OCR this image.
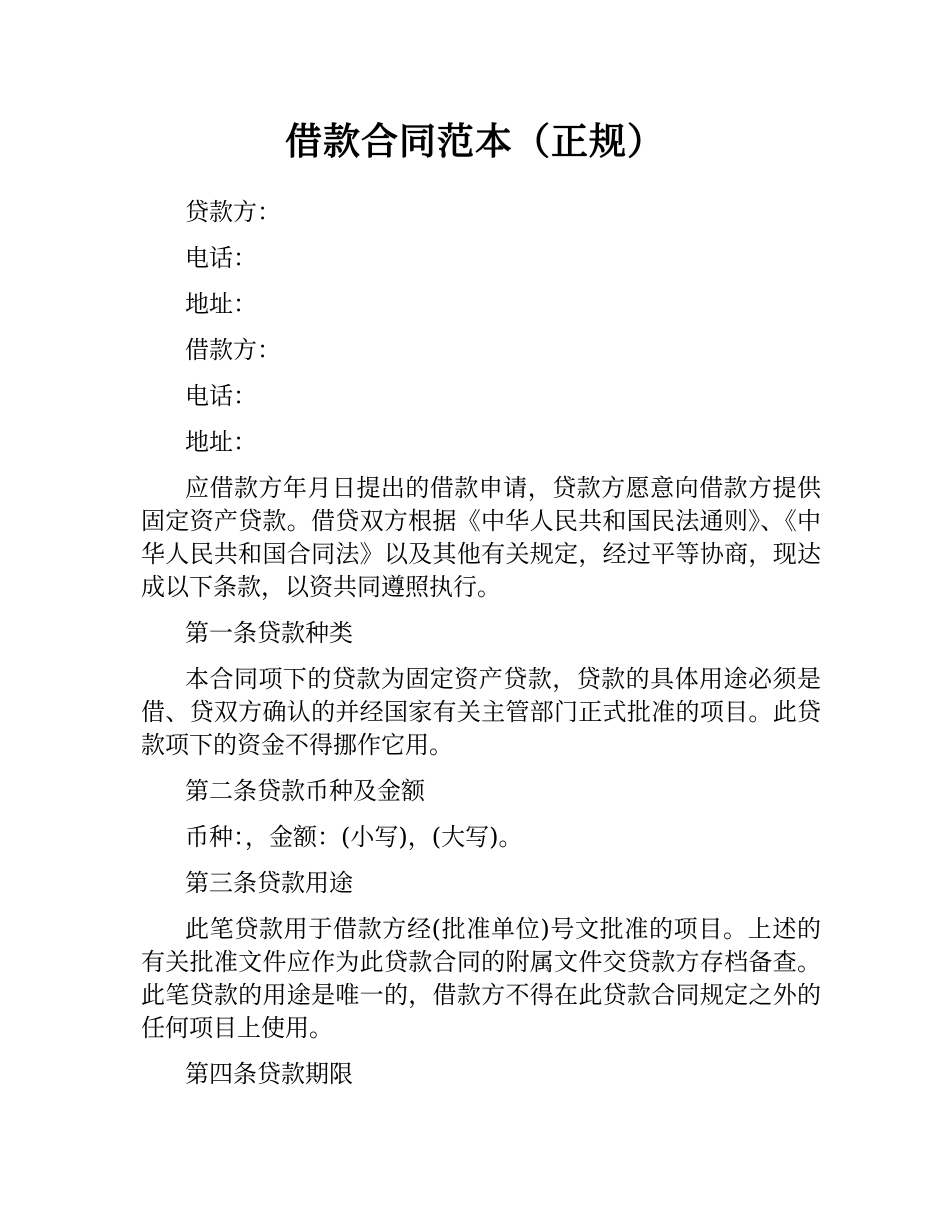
借款合同范本（正规）

贷款方：

电话：

地址：

借款方：

电话：

地址：

应借款方年月日提出的借款申请，贷款方愿意向借款方提供固定资产贷款。借贷双方根据《中华人民共和国民法通则》、《中华人民共和国合同法》以及其他有关规定，经过平等协商，现达成以下条款，以资共同遵照执行。

第一条贷款种类

本合同项下的贷款为固定资产贷款，贷款的具体用途必须是借、贷双方确认的并经国家有关主管部门正式批准的项目。此贷款项下的资金不得挪作它用。

第二条贷款币种及金额

币种：，金额：(小写)，(大写)。

第三条贷款用途

此笔贷款用于借款方经(批准单位)号文批准的项目。上述的有关批准文件应作为此贷款合同的附属文件交贷款方存档备查。此笔贷款的用途是唯一的，借款方不得在此贷款合同规定之外的任何项目上使用。

第四条贷款期限
